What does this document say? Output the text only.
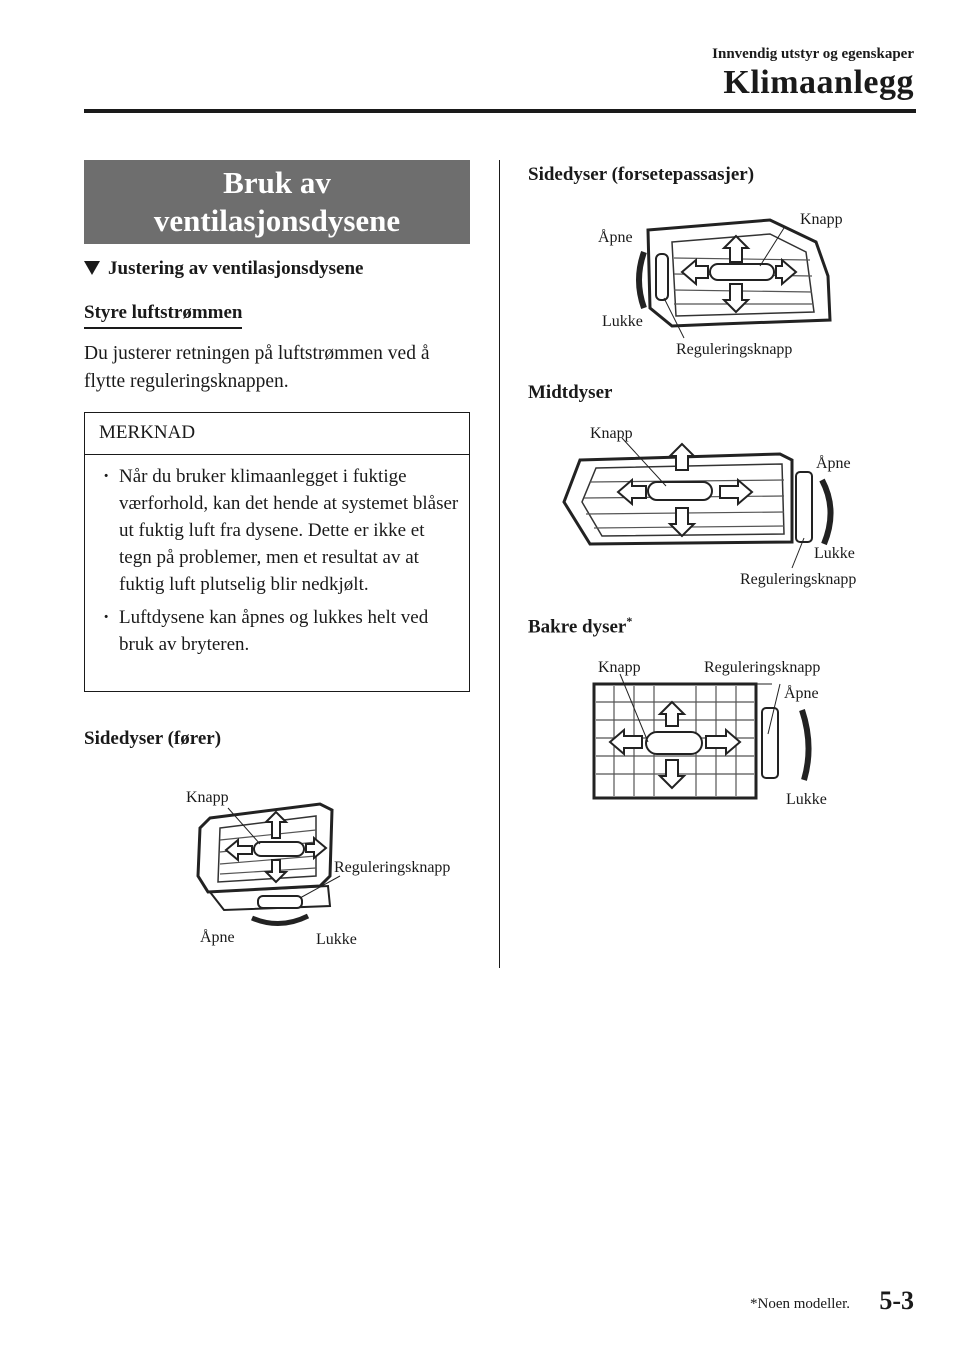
Innvendig utstyr og egenskaper
Klimaanlegg
Bruk av
ventilasjonsdysene
Justering av ventilasjonsdysene
Styre luftstrømmen
Du justerer retningen på luftstrømmen ved å flytte reguleringsknappen.
MERKNAD
· Når du bruker klimaanlegget i fuktige værforhold, kan det hende at systemet blåser ut fuktig luft fra dysene. Dette er ikke et tegn på problemer, men et resultat av at fuktig luft plutselig blir nedkjølt.
· Luftdysene kan åpnes og lukkes helt ved bruk av bryteren.
Sidedyser (fører)
Knapp
Reguleringsknapp
Åpne	Lukke
Sidedyser (forsetepassasjer)
Knapp
Åpne
Lukke
Reguleringsknapp
Midtdyser
Knapp
Åpne
Lukke
Reguleringsknapp
Bakre dyser*
Knapp	Reguleringsknapp
Åpne
Lukke
*Noen modeller. 5-3
